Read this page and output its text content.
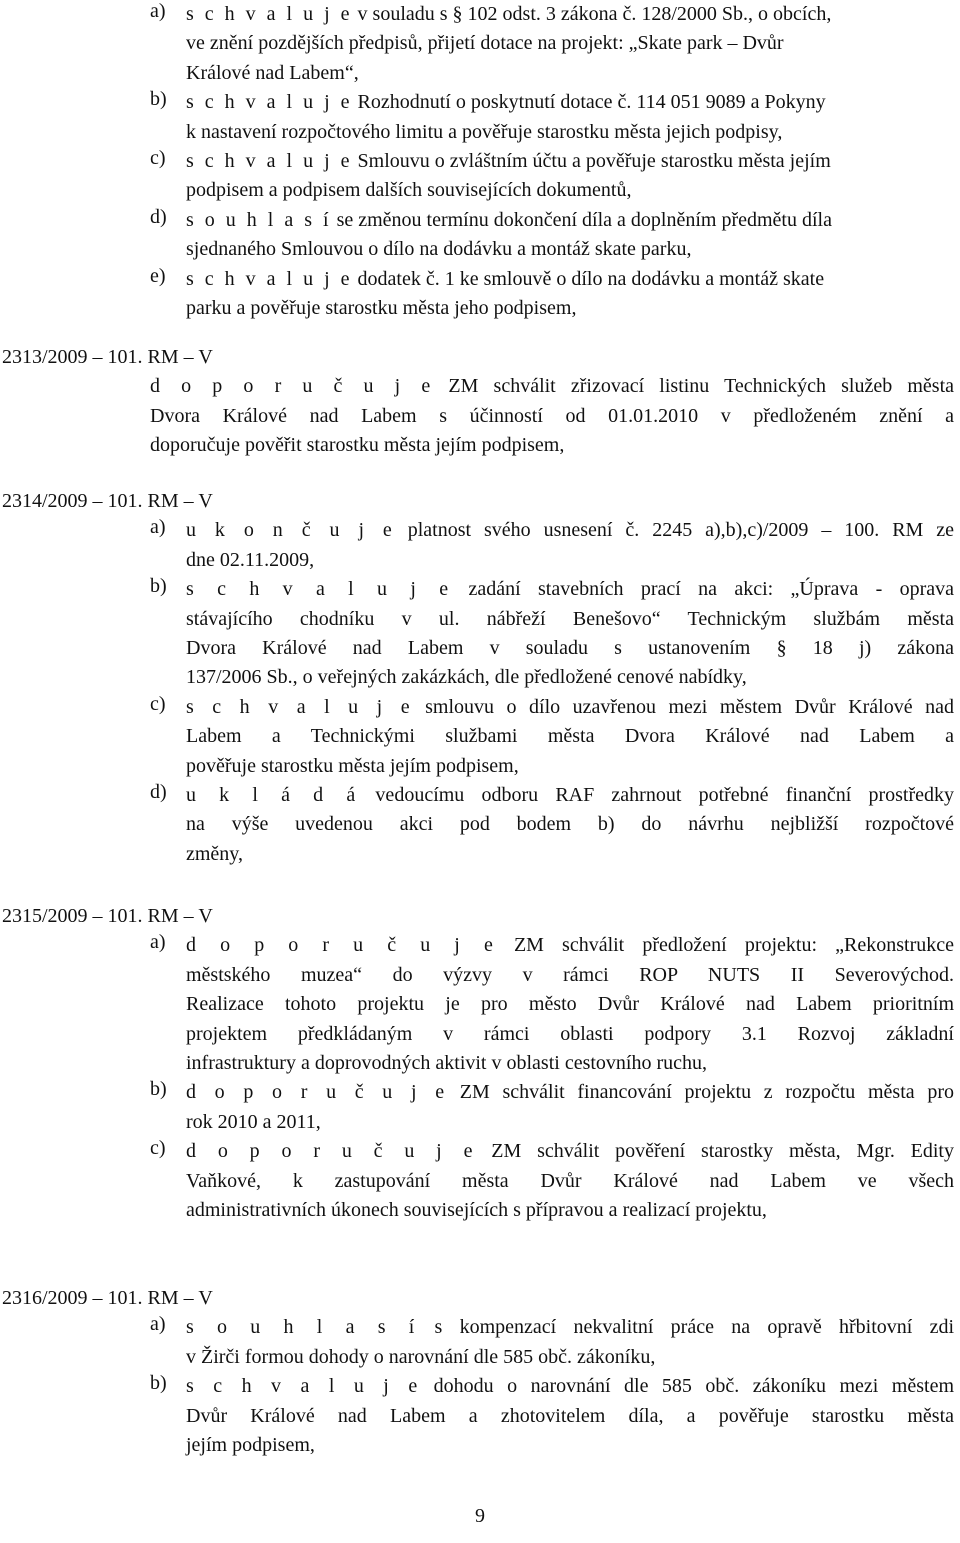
a) s c h v a l u j e v souladu s § 102 odst. 3 zákona č. 128/2000 Sb., o obcích,
ve znění pozdějších předpisů, přijetí dotace na projekt: „Skate park – Dvůr
Králové nad Labem“,
b) s c h v a l u j e Rozhodnutí o poskytnutí dotace č. 114 051 9089 a Pokyny
k nastavení rozpočtového limitu a pověřuje starostku města jejich podpisy,
c) s c h v a l u j e Smlouvu o zvláštním účtu a pověřuje starostku města jejím
podpisem a podpisem dalších souvisejících dokumentů,
d) s o u h l a s í se změnou termínu dokončení díla a doplněním předmětu díla
sjednaného Smlouvou o dílo na dodávku a montáž skate parku,
e) s c h v a l u j e dodatek č. 1 ke smlouvě o dílo na dodávku a montáž skate
parku a pověřuje starostku města jeho podpisem,
2313/2009 – 101. RM – V
d o p o r u č u j e ZM schválit zřizovací listinu Technických služeb města
Dvora Králové nad Labem s účinností od 01.01.2010 v předloženém znění a
doporučuje pověřit starostku města jejím podpisem,
2314/2009 – 101. RM – V
a) u k o n č u j e platnost svého usnesení č. 2245 a),b),c)/2009 – 100. RM ze
dne 02.11.2009,
b) s c h v a l u j e zadání stavebních prací na akci: „Úprava - oprava
stávajícího chodníku v ul. nábřeží Benešovo“ Technickým službám města
Dvora Králové nad Labem v souladu s ustanovením § 18 j) zákona
137/2006 Sb., o veřejných zakázkách, dle předložené cenové nabídky,
c) s c h v a l u j e smlouvu o dílo uzavřenou mezi městem Dvůr Králové nad
Labem a Technickými službami města Dvora Králové nad Labem a
pověřuje starostku města jejím podpisem,
d) u k l á d á vedoucímu odboru RAF zahrnout potřebné finanční prostředky
na výše uvedenou akci pod bodem b) do návrhu nejbližší rozpočtové
změny,
2315/2009 – 101. RM – V
a) d o p o r u č u j e ZM schválit předložení projektu: „Rekonstrukce
městského muzea“ do výzvy v rámci ROP NUTS II Severovýchod.
Realizace tohoto projektu je pro město Dvůr Králové nad Labem prioritním
projektem předkládaným v rámci oblasti podpory 3.1 Rozvoj základní
infrastruktury a doprovodných aktivit v oblasti cestovního ruchu,
b) d o p o r u č u j e ZM schválit financování projektu z rozpočtu města pro
rok 2010 a 2011,
c) d o p o r u č u j e ZM schválit pověření starostky města, Mgr. Edity
Vaňkové, k zastupování města Dvůr Králové nad Labem ve všech
administrativních úkonech souvisejících s přípravou a realizací projektu,
2316/2009 – 101. RM – V
a) s o u h l a s í s kompenzací nekvalitní práce na opravě hřbitovní zdi
v Žirči formou dohody o narovnání dle 585 obč. zákoníku,
b) s c h v a l u j e dohodu o narovnání dle 585 obč. zákoníku mezi městem
Dvůr Králové nad Labem a zhotovitelem díla, a pověřuje starostku města
jejím podpisem,
9
